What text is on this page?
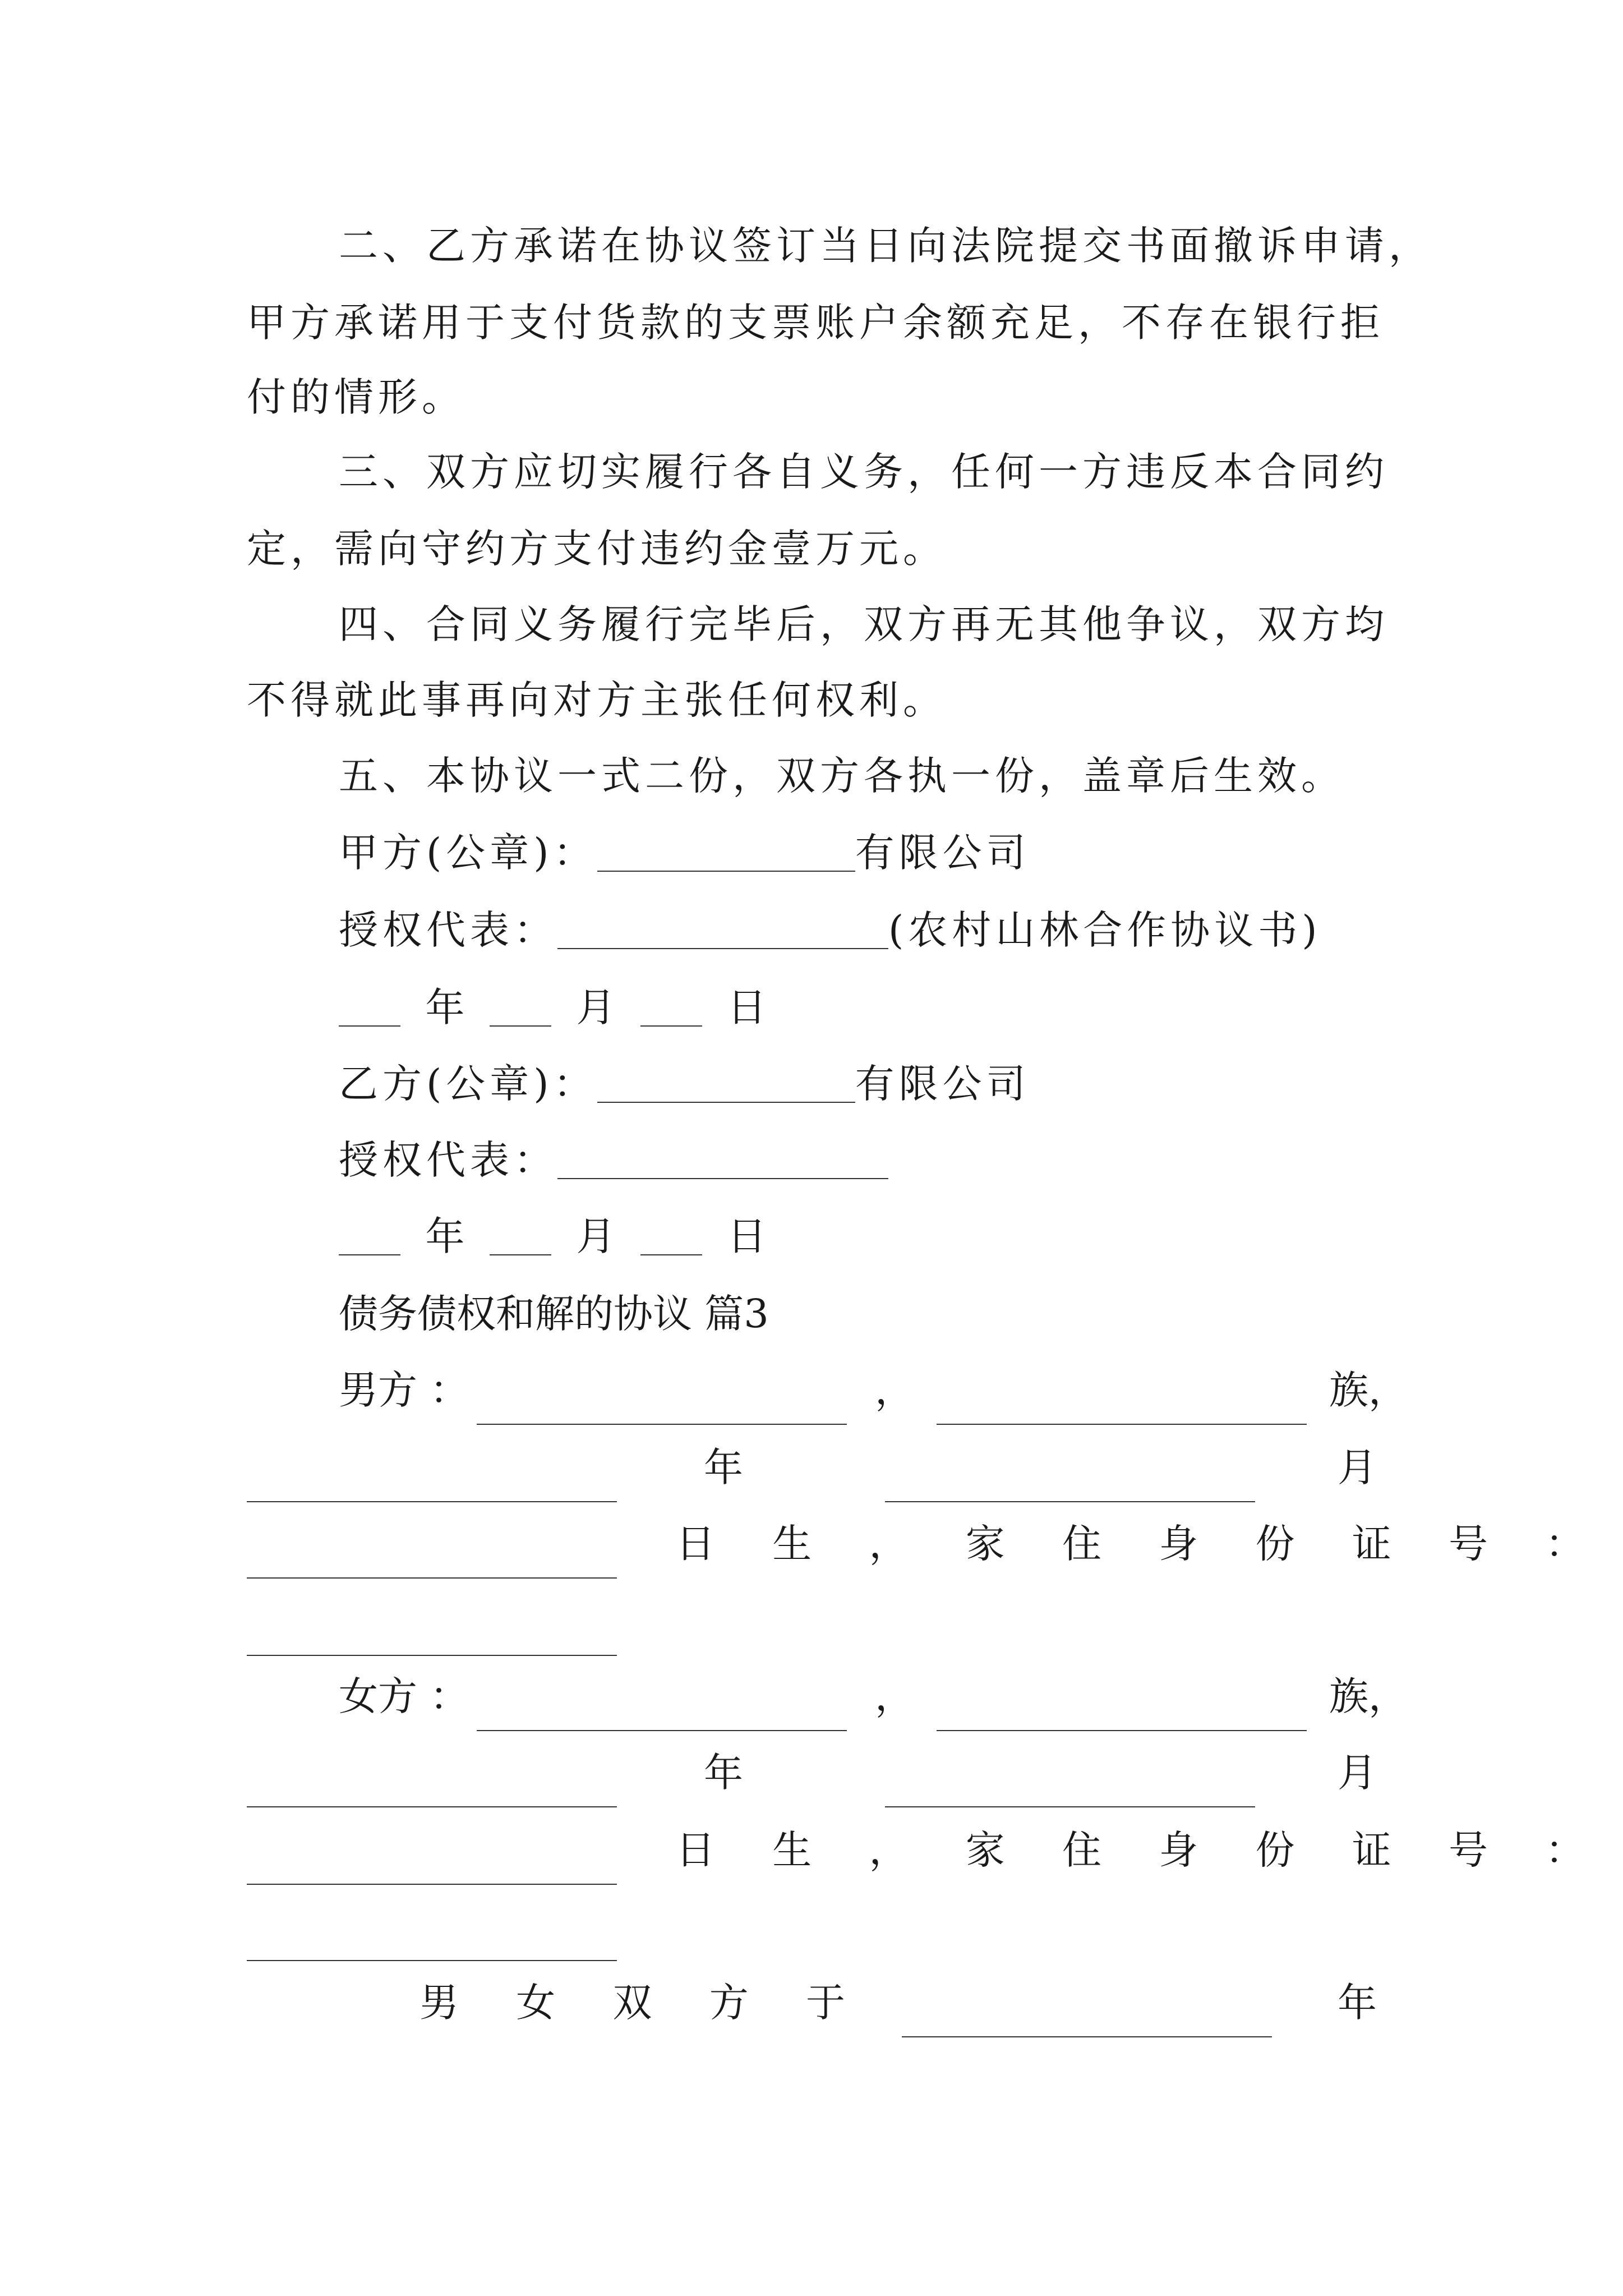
二、乙方承诺在协议签订当日向法院提交书面撤诉申请，
甲方承诺用于支付货款的支票账户余额充足，不存在银行拒
付的情形。
三、双方应切实履行各自义务，任何一方违反本合同约
定，需向守约方支付违约金壹万元。
四、合同义务履行完毕后，双方再无其他争议，双方均
不得就此事再向对方主张任何权利。
五、本协议一式二份，双方各执一份，盖章后生效。
甲方(公章)：	有限公司
授权代表：	(农村山林合作协议书)
年	月	日
乙方(公章)：	有限公司
授权代表：
年	月	日
债务债权和解的协议 篇3
男方 ：	，	族，
年	月
日 生 ， 家 住 身 份 证 号 ：
女方 ：	，	族，
年	月
日 生 ， 家 住 身 份 证 号 ：
男 女 双 方 于	年
